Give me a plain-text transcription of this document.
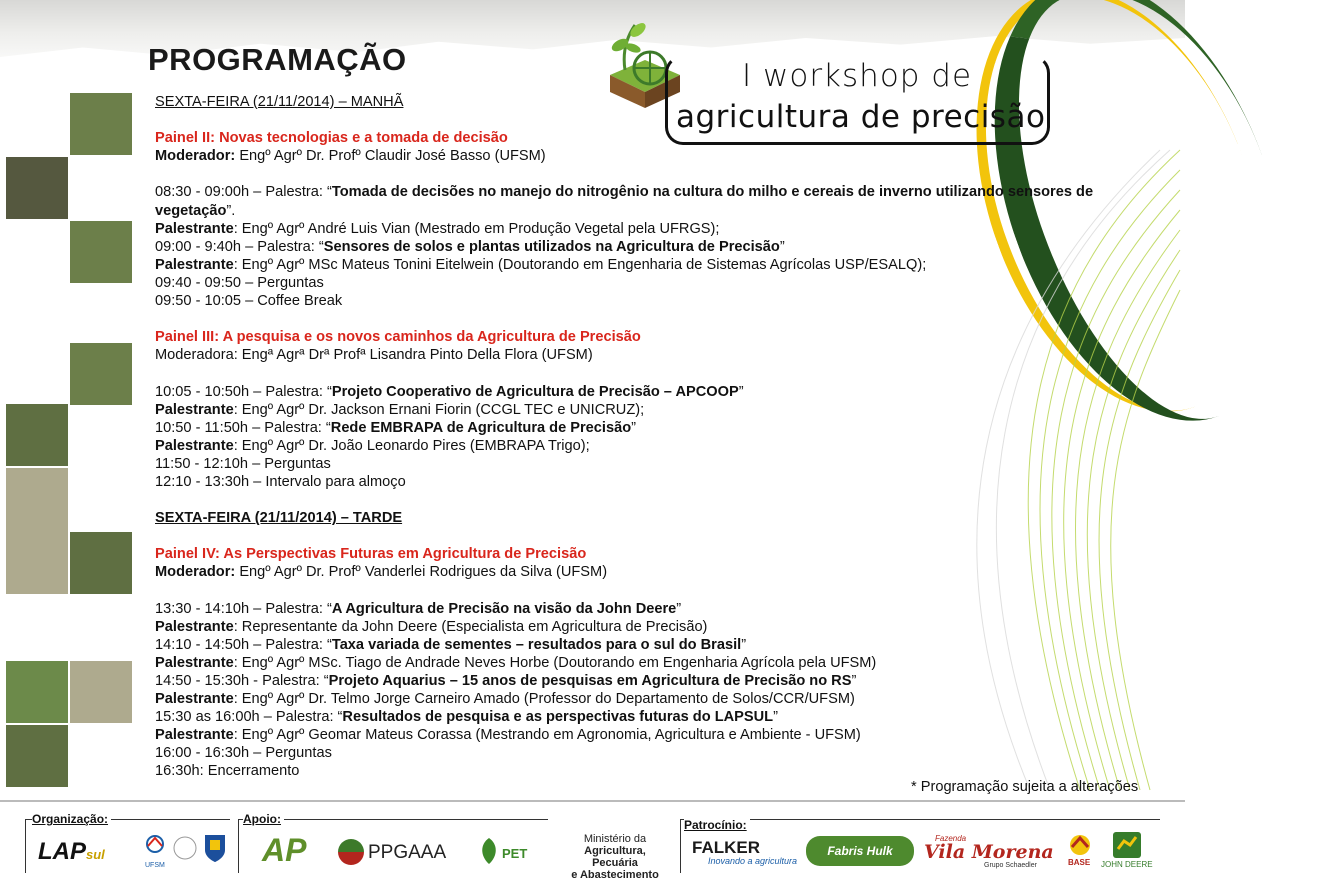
PROGRAMAÇÃO	I workshop de
agricultura de precisão
SEXTA-FEIRA (21/11/2014) – MANHÃ
Painel II: Novas tecnologias e a tomada de decisão
Moderador: Engº Agrº Dr. Profº Claudir José Basso (UFSM)
08:30 - 09:00h – Palestra: “Tomada de decisões no manejo do nitrogênio na cultura do milho e cereais de inverno utilizando sensores de vegetação”.
Palestrante: Engº Agrº André Luis Vian (Mestrado em Produção Vegetal pela UFRGS);
09:00 - 9:40h – Palestra: “Sensores de solos e plantas utilizados na Agricultura de Precisão”
Palestrante: Engº Agrº MSc Mateus Tonini Eitelwein (Doutorando em Engenharia de Sistemas Agrícolas USP/ESALQ);
09:40 - 09:50 – Perguntas
09:50 - 10:05 – Coffee Break
Painel III: A pesquisa e os novos caminhos da Agricultura de Precisão
Moderadora: Engª Agrª Drª Profª Lisandra Pinto Della Flora (UFSM)
10:05 - 10:50h – Palestra: “Projeto Cooperativo de Agricultura de Precisão – APCOOP”
Palestrante: Engº Agrº Dr. Jackson Ernani Fiorin (CCGL TEC e UNICRUZ);
10:50 - 11:50h – Palestra: “Rede EMBRAPA de Agricultura de Precisão”
Palestrante: Engº Agrº Dr. João Leonardo Pires (EMBRAPA Trigo);
11:50 - 12:10h – Perguntas
12:10 - 13:30h – Intervalo para almoço
SEXTA-FEIRA (21/11/2014) – TARDE
Painel IV: As Perspectivas Futuras em Agricultura de Precisão
Moderador: Engº Agrº Dr. Profº Vanderlei Rodrigues da Silva (UFSM)
13:30 - 14:10h – Palestra: “A Agricultura de Precisão na visão da John Deere”
Palestrante: Representante da John Deere (Especialista em Agricultura de Precisão)
14:10 - 14:50h – Palestra: “Taxa variada de sementes – resultados para o sul do Brasil”
Palestrante: Engº Agrº MSc. Tiago de Andrade Neves Horbe (Doutorando em Engenharia Agrícola pela UFSM)
14:50 - 15:30h - Palestra: “Projeto Aquarius – 15 anos de pesquisas em Agricultura de Precisão no RS”
Palestrante: Engº Agrº Dr. Telmo Jorge Carneiro Amado (Professor do Departamento de Solos/CCR/UFSM)
15:30 as 16:00h – Palestra: “Resultados de pesquisa e as perspectivas futuras do LAPSUL”
Palestrante: Engº Agrº Geomar Mateus Corassa (Mestrando em Agronomia, Agricultura e Ambiente - UFSM)
16:00 - 16:30h – Perguntas
16:30h: Encerramento
* Programação sujeita a alterações
Organização:	Apoio:	Patrocínio:
LAPsul
UFSM	AP	PPGAAA	PET
Ministério da
Agricultura, Pecuária
e Abastecimento
FALKER
Inovando a agricultura
Fabris Hulk
Fazenda
Vila Morena
Grupo Schaedler	BASE JOHN DEERE
